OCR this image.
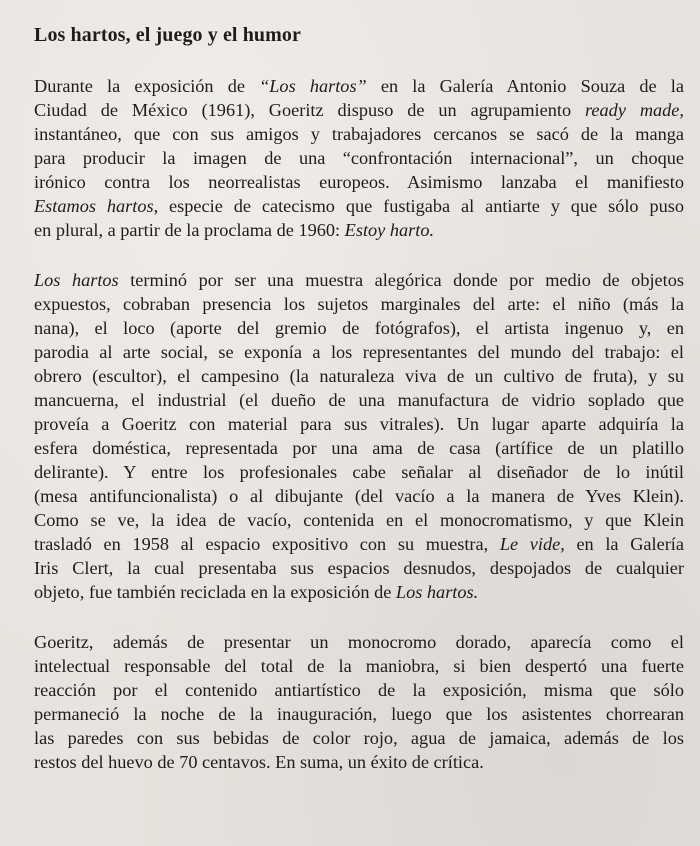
Los hartos, el juego y el humor
Durante la exposición de “Los hartos” en la Galería Antonio Souza de la
Ciudad de México (1961), Goeritz dispuso de un agrupamiento ready made,
instantáneo, que con sus amigos y trabajadores cercanos se sacó de la manga
para producir la imagen de una “confrontación internacional”, un choque
irónico contra los neorrealistas europeos. Asimismo lanzaba el manifiesto
Estamos hartos, especie de catecismo que fustigaba al antiarte y que sólo puso
en plural, a partir de la proclama de 1960: Estoy harto.
Los hartos terminó por ser una muestra alegórica donde por medio de objetos
expuestos, cobraban presencia los sujetos marginales del arte: el niño (más la
nana), el loco (aporte del gremio de fotógrafos), el artista ingenuo y, en
parodia al arte social, se exponía a los representantes del mundo del trabajo: el
obrero (escultor), el campesino (la naturaleza viva de un cultivo de fruta), y su
mancuerna, el industrial (el dueño de una manufactura de vidrio soplado que
proveía a Goeritz con material para sus vitrales). Un lugar aparte adquiría la
esfera doméstica, representada por una ama de casa (artífice de un platillo
delirante). Y entre los profesionales cabe señalar al diseñador de lo inútil
(mesa antifuncionalista) o al dibujante (del vacío a la manera de Yves Klein).
Como se ve, la idea de vacío, contenida en el monocromatismo, y que Klein
trasladó en 1958 al espacio expositivo con su muestra, Le vide, en la Galería
Iris Clert, la cual presentaba sus espacios desnudos, despojados de cualquier
objeto, fue también reciclada en la exposición de Los hartos.
Goeritz, además de presentar un monocromo dorado, aparecía como el
intelectual responsable del total de la maniobra, si bien despertó una fuerte
reacción por el contenido antiartístico de la exposición, misma que sólo
permaneció la noche de la inauguración, luego que los asistentes chorrearan
las paredes con sus bebidas de color rojo, agua de jamaica, además de los
restos del huevo de 70 centavos. En suma, un éxito de crítica.
